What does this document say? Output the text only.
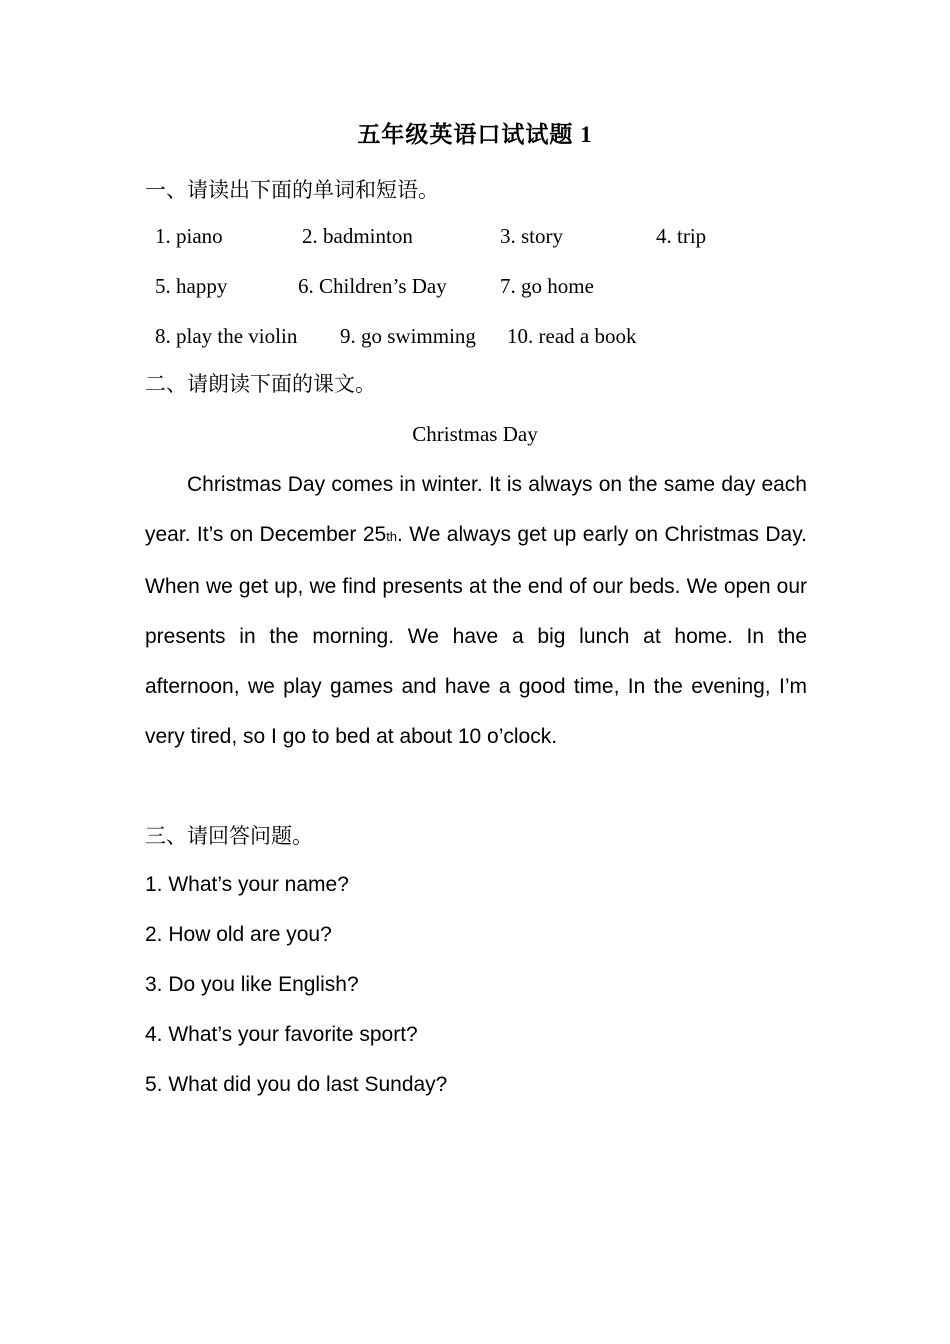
五年级英语口试试题 1
一、请读出下面的单词和短语。
1. piano	2. badminton	3. story	4. trip
5. happy	6. Children’s Day	7. go home
8. play the violin 9. go swimming 10. read a book
二、请朗读下面的课文。
Christmas Day
Christmas Day comes in winter. It is always on the same day each year. It’s on December 25th. We always get up early on Christmas Day. When we get up, we find presents at the end of our beds. We open our presents in the morning. We have a big lunch at home. In the afternoon, we play games and have a good time, In the evening, I’m very tired, so I go to bed at about 10 o’clock.
三、请回答问题。
1. What’s your name?
2. How old are you?
3. Do you like English?
4. What’s your favorite sport?
5. What did you do last Sunday?
